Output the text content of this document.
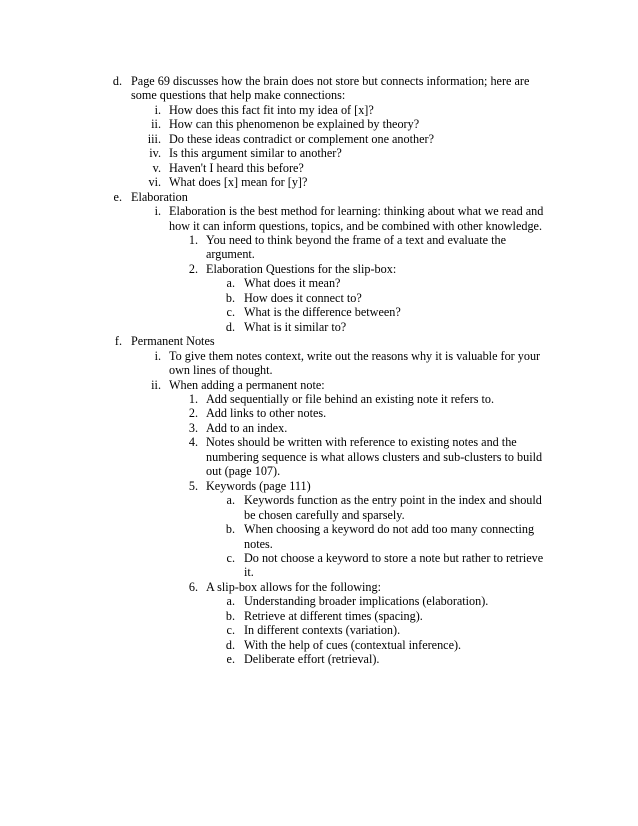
d. Page 69 discusses how the brain does not store but connects information; here are
some questions that help make connections:
i. How does this fact fit into my idea of [x]?
ii. How can this phenomenon be explained by theory?
iii. Do these ideas contradict or complement one another?
iv. Is this argument similar to another?
v. Haven't I heard this before?
vi. What does [x] mean for [y]?
e. Elaboration
i. Elaboration is the best method for learning: thinking about what we read and
how it can inform questions, topics, and be combined with other knowledge.
1. You need to think beyond the frame of a text and evaluate the
argument.
2. Elaboration Questions for the slip-box:
a. What does it mean?
b. How does it connect to?
c. What is the difference between?
d. What is it similar to?
f. Permanent Notes
i. To give them notes context, write out the reasons why it is valuable for your
own lines of thought.
ii. When adding a permanent note:
1. Add sequentially or file behind an existing note it refers to.
2. Add links to other notes.
3. Add to an index.
4. Notes should be written with reference to existing notes and the
numbering sequence is what allows clusters and sub-clusters to build
out (page 107).
5. Keywords (page 111)
a. Keywords function as the entry point in the index and should
be chosen carefully and sparsely.
b. When choosing a keyword do not add too many connecting
notes.
c. Do not choose a keyword to store a note but rather to retrieve
it.
6. A slip-box allows for the following:
a. Understanding broader implications (elaboration).
b. Retrieve at different times (spacing).
c. In different contexts (variation).
d. With the help of cues (contextual inference).
e. Deliberate effort (retrieval).
